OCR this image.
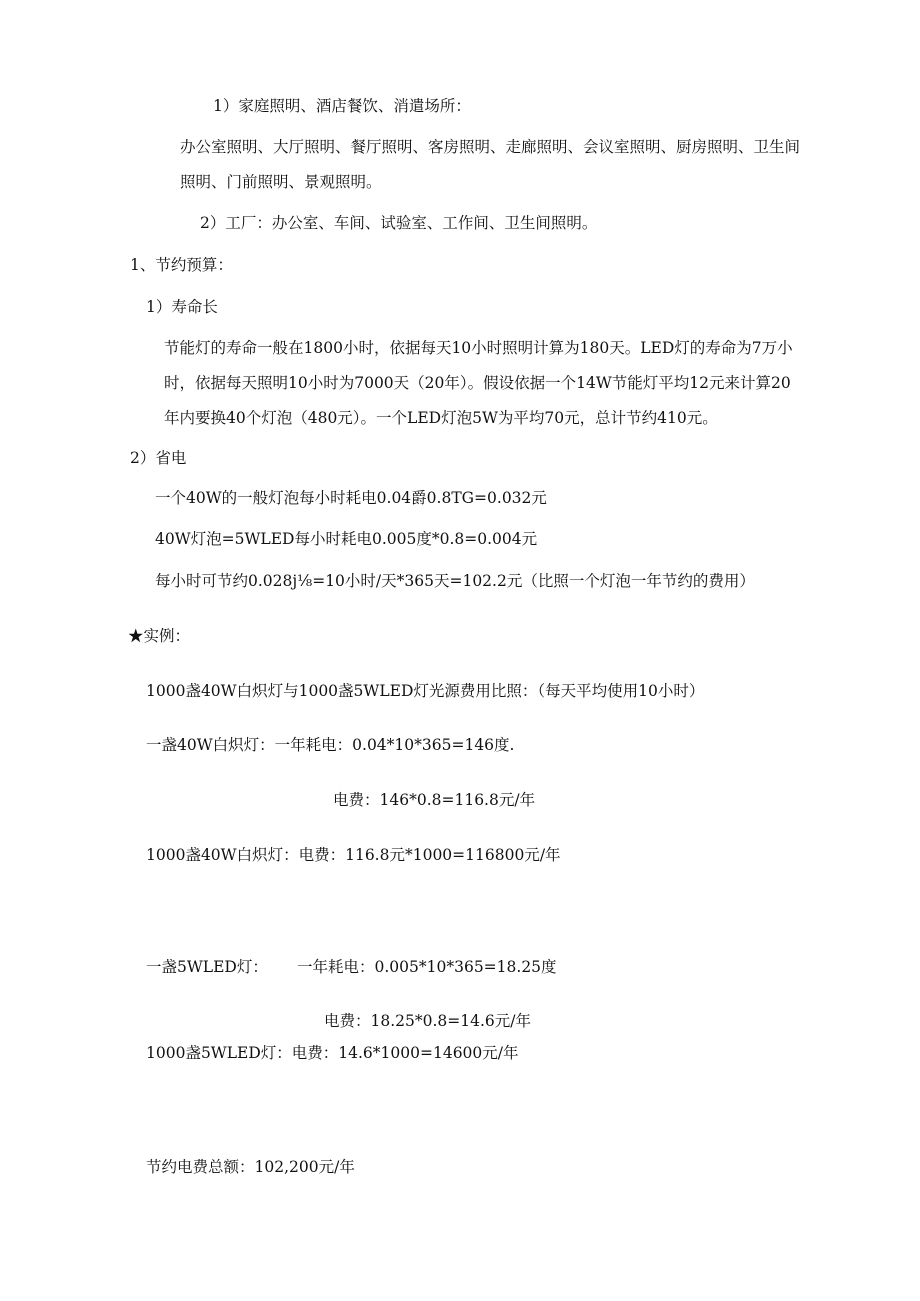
1）家庭照明、酒店餐饮、消遣场所：
办公室照明、大厅照明、餐厅照明、客房照明、走廊照明、会议室照明、厨房照明、卫生间
照明、门前照明、景观照明。
2）工厂：办公室、车间、试验室、工作间、卫生间照明。
1、节约预算：
1）寿命长
节能灯的寿命一般在1800小时，依据每天10小时照明计算为180天。LED灯的寿命为7万小
时，依据每天照明10小时为7000天（20年）。假设依据一个14W节能灯平均12元来计算20
年内要换40个灯泡（480元）。一个LED灯泡5W为平均70元，总计节约410元。
2）省电
一个40W的一般灯泡每小时耗电0.04爵0.8TG=0.032元
40W灯泡=5WLED每小时耗电0.005度*0.8=0.004元
每小时可节约0.028j⅛=10小时/天*365天=102.2元（比照一个灯泡一年节约的费用）
★实例：
1000盏40W白炽灯与1000盏5WLED灯光源费用比照：（每天平均使用10小时）
一盏40W白炽灯：一年耗电：0.04*10*365=146度.
电费：146*0.8=116.8元/年
1000盏40W白炽灯：电费：116.8元*1000=116800元/年
一盏5WLED灯： 一年耗电：0.005*10*365=18.25度
电费：18.25*0.8=14.6元/年
1000盏5WLED灯：电费：14.6*1000=14600元/年
节约电费总额：102,200元/年
